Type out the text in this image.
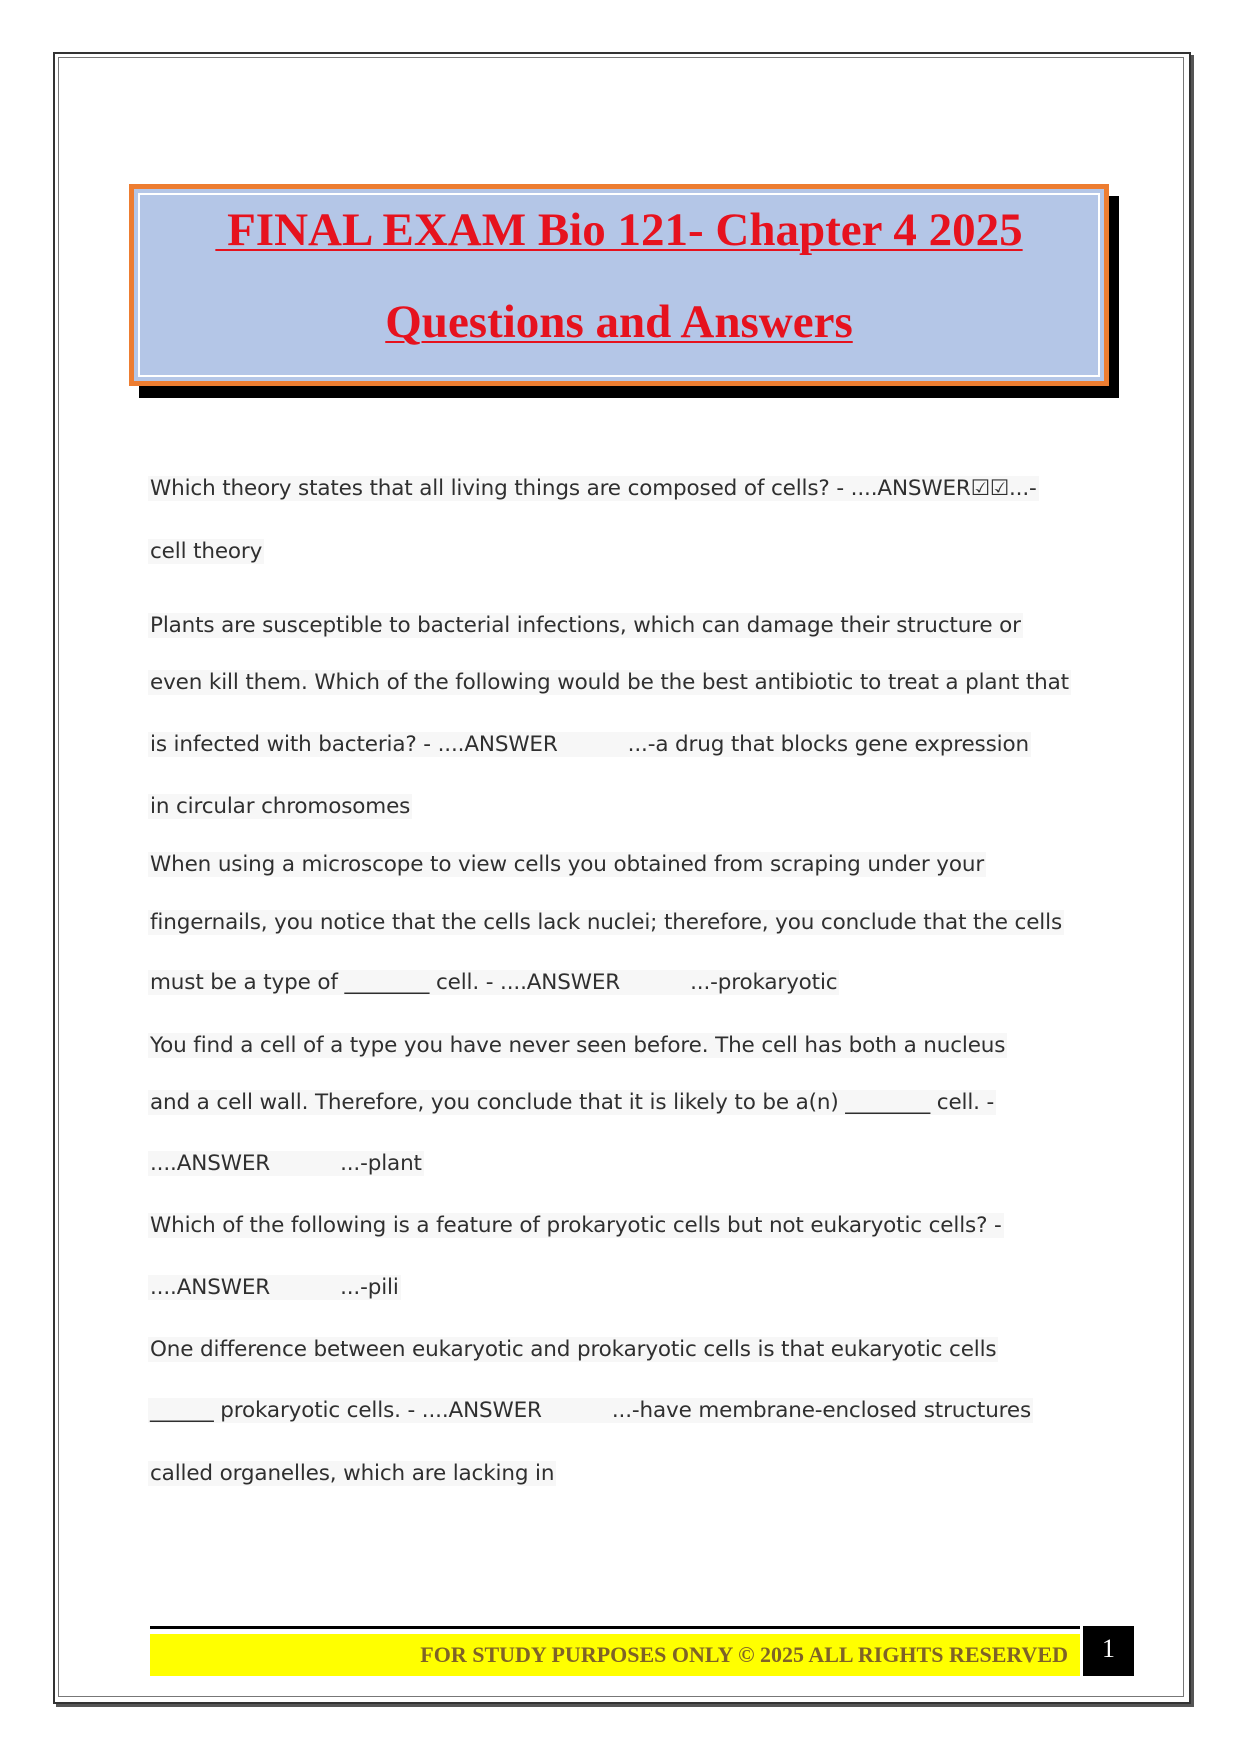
FINAL EXAM Bio 121- Chapter 4 2025
Questions and Answers
Which theory states that all living things are composed of cells? - ....ANSWER☑☑...-
cell theory
Plants are susceptible to bacterial infections, which can damage their structure or
even kill them. Which of the following would be the best antibiotic to treat a plant that
is infected with bacteria? - ....ANSWER	...-a drug that blocks gene expression
in circular chromosomes
When using a microscope to view cells you obtained from scraping under your
fingernails, you notice that the cells lack nuclei; therefore, you conclude that the cells
must be a type of ________ cell. - ....ANSWER	...-prokaryotic
You find a cell of a type you have never seen before. The cell has both a nucleus
and a cell wall. Therefore, you conclude that it is likely to be a(n) ________ cell. -
....ANSWER	...-plant
Which of the following is a feature of prokaryotic cells but not eukaryotic cells? -
....ANSWER	...-pili
One difference between eukaryotic and prokaryotic cells is that eukaryotic cells
______ prokaryotic cells. - ....ANSWER	...-have membrane-enclosed structures
called organelles, which are lacking in
FOR STUDY PURPOSES ONLY © 2025 ALL RIGHTS RESERVED	1
